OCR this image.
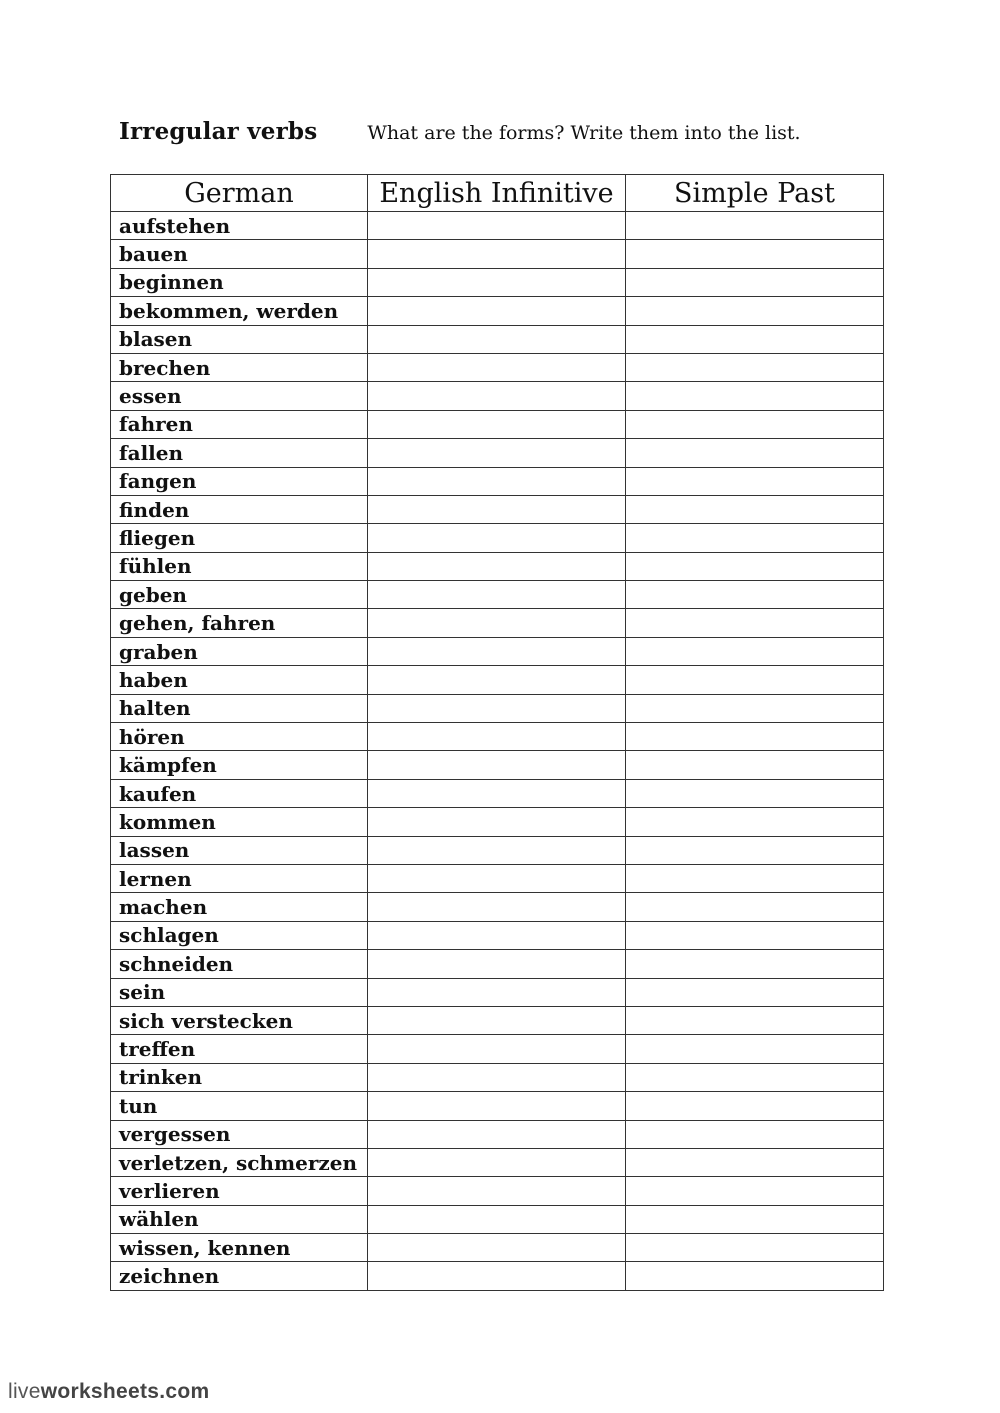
Irregular verbs	What are the forms? Write them into the list.
German	English Infinitive	Simple Past
aufstehen		
bauen		
beginnen		
bekommen, werden		
blasen		
brechen		
essen		
fahren		
fallen		
fangen		
finden		
fliegen		
fühlen		
geben		
gehen, fahren		
graben		
haben		
halten		
hören		
kämpfen		
kaufen		
kommen		
lassen		
lernen		
machen		
schlagen		
schneiden		
sein		
sich verstecken		
treffen		
trinken		
tun		
vergessen		
verletzen, schmerzen		
verlieren		
wählen		
wissen, kennen		
zeichnen		
liveworksheets.com
